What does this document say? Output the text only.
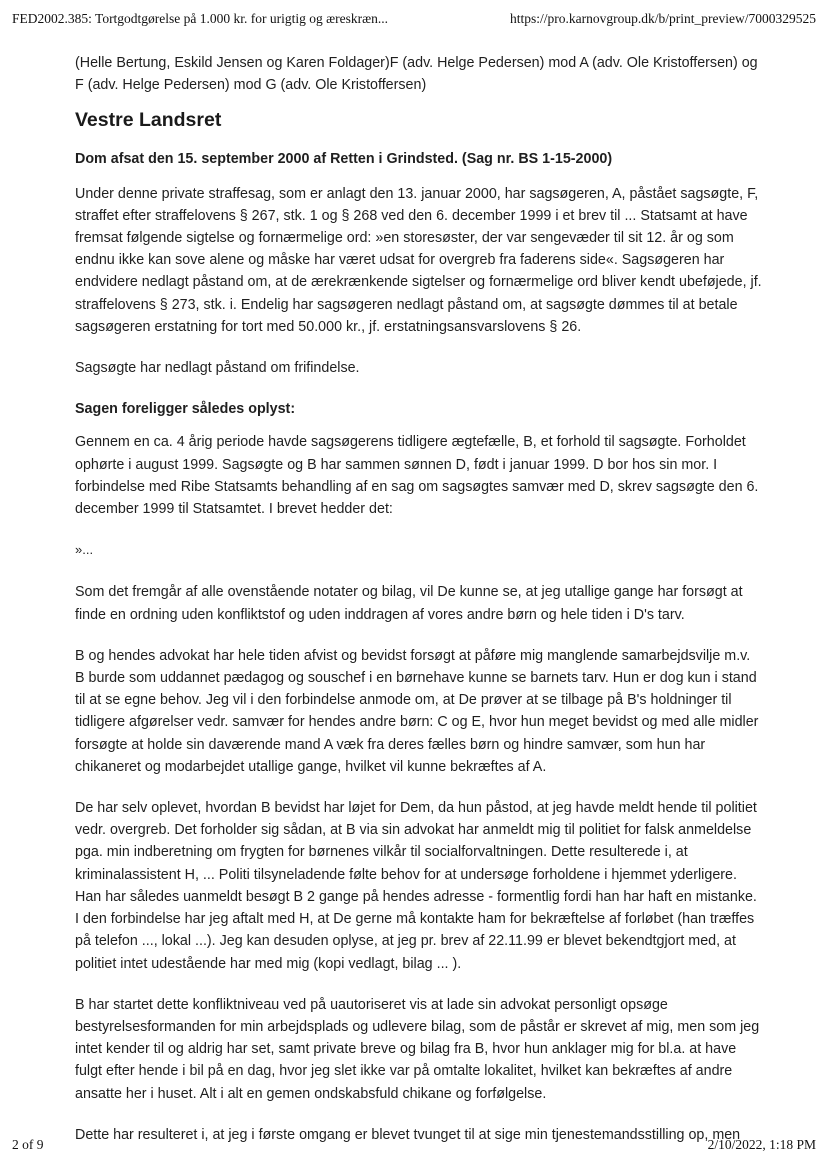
FED2002.385: Tortgodtgørelse på 1.000 kr. for urigtig og æreskræn...	https://pro.karnovgroup.dk/b/print_preview/7000329525

(Helle Bertung, Eskild Jensen og Karen Foldager)F (adv. Helge Pedersen) mod A (adv. Ole Kristoffersen) og F (adv. Helge Pedersen) mod G (adv. Ole Kristoffersen)

Vestre Landsret

Dom afsat den 15. september 2000 af Retten i Grindsted. (Sag nr. BS 1-15-2000)

Under denne private straffesag, som er anlagt den 13. januar 2000, har sagsøgeren, A, påstået sagsøgte, F, straffet efter straffelovens § 267, stk. 1 og § 268 ved den 6. december 1999 i et brev til ... Statsamt at have fremsat følgende sigtelse og fornærmelige ord: »en storesøster, der var sengevæder til sit 12. år og som endnu ikke kan sove alene og måske har været udsat for overgreb fra faderens side«. Sagsøgeren har endvidere nedlagt påstand om, at de ærekrænkende sigtelser og fornærmelige ord bliver kendt ubeføjede, jf. straffelovens § 273, stk. i. Endelig har sagsøgeren nedlagt påstand om, at sagsøgte dømmes til at betale sagsøgeren erstatning for tort med 50.000 kr., jf. erstatningsansvarslovens § 26.

Sagsøgte har nedlagt påstand om frifindelse.

Sagen foreligger således oplyst:

Gennem en ca. 4 årig periode havde sagsøgerens tidligere ægtefælle, B, et forhold til sagsøgte. Forholdet ophørte i august 1999. Sagsøgte og B har sammen sønnen D, født i januar 1999. D bor hos sin mor. I forbindelse med Ribe Statsamts behandling af en sag om sagsøgtes samvær med D, skrev sagsøgte den 6. december 1999 til Statsamtet. I brevet hedder det:

»...

Som det fremgår af alle ovenstående notater og bilag, vil De kunne se, at jeg utallige gange har forsøgt at finde en ordning uden konfliktstof og uden inddragen af vores andre børn og hele tiden i D's tarv.

B og hendes advokat har hele tiden afvist og bevidst forsøgt at påføre mig manglende samarbejdsvilje m.v. B burde som uddannet pædagog og souschef i en børnehave kunne se barnets tarv. Hun er dog kun i stand til at se egne behov. Jeg vil i den forbindelse anmode om, at De prøver at se tilbage på B's holdninger til tidligere afgørelser vedr. samvær for hendes andre børn: C og E, hvor hun meget bevidst og med alle midler forsøgte at holde sin daværende mand A væk fra deres fælles børn og hindre samvær, som hun har chikaneret og modarbejdet utallige gange, hvilket vil kunne bekræftes af A.

De har selv oplevet, hvordan B bevidst har løjet for Dem, da hun påstod, at jeg havde meldt hende til politiet vedr. overgreb. Det forholder sig sådan, at B via sin advokat har anmeldt mig til politiet for falsk anmeldelse pga. min indberetning om frygten for børnenes vilkår til socialforvaltningen. Dette resulterede i, at kriminalassistent H, ... Politi tilsyneladende følte behov for at undersøge forholdene i hjemmet yderligere. Han har således uanmeldt besøgt B 2 gange på hendes adresse - formentlig fordi han har haft en mistanke. I den forbindelse har jeg aftalt med H, at De gerne må kontakte ham for bekræftelse af forløbet (han træffes på telefon ..., lokal ...). Jeg kan desuden oplyse, at jeg pr. brev af 22.11.99 er blevet bekendtgjort med, at politiet intet udestående har med mig (kopi vedlagt, bilag ... ).

B har startet dette konfliktniveau ved på uautoriseret vis at lade sin advokat personligt opsøge bestyrelsesformanden for min arbejdsplads og udlevere bilag, som de påstår er skrevet af mig, men som jeg intet kender til og aldrig har set, samt private breve og bilag fra B, hvor hun anklager mig for bl.a. at have fulgt efter hende i bil på en dag, hvor jeg slet ikke var på omtalte lokalitet, hvilket kan bekræftes af andre ansatte her i huset. Alt i alt en gemen ondskabsfuld chikane og forfølgelse.

Dette har resulteret i, at jeg i første omgang er blevet tvunget til at sige min tjenestemandsstilling op, men

2 of 9	2/10/2022, 1:18 PM
